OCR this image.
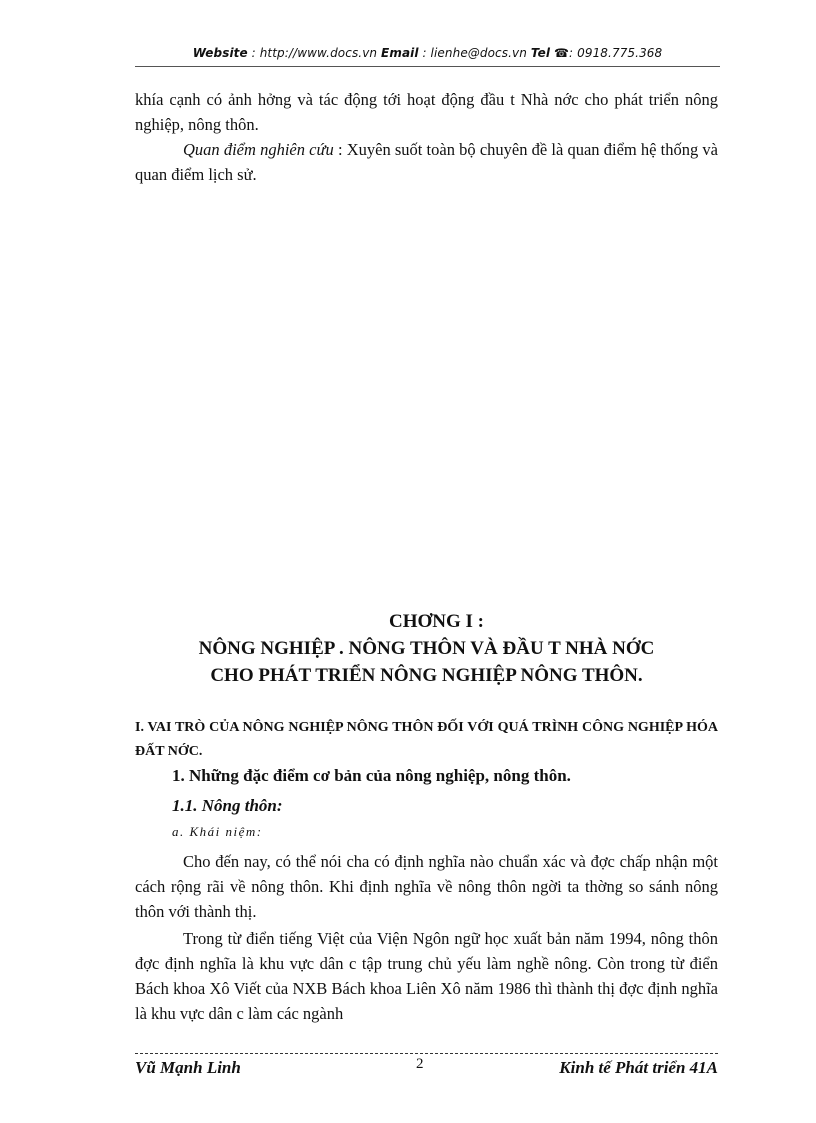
Website : http://www.docs.vn Email : lienhe@docs.vn Tel ☎: 0918.775.368
khía cạnh có ảnh hởng và tác động tới hoạt động đầu t Nhà nớc cho phát triển nông nghiệp, nông thôn.
Quan điểm nghiên cứu : Xuyên suốt toàn bộ chuyên đề là quan điểm hệ thống và quan điểm lịch sử.
CHƠNG I :
NÔNG NGHIỆP . NÔNG THÔN VÀ ĐẦU T NHÀ NỚC
CHO PHÁT TRIỂN NÔNG NGHIỆP NÔNG THÔN.
I. VAI TRÒ CỦA NÔNG NGHIỆP NÔNG THÔN ĐỐI VỚI QUÁ TRÌNH CÔNG NGHIỆP HÓA ĐẤT NỚC.
1. Những đặc điểm cơ bản của nông nghiệp, nông thôn.
1.1. Nông thôn:
a. Khái niệm:
Cho đến nay, có thể nói cha có định nghĩa nào chuẩn xác và đợc chấp nhận một cách rộng rãi về nông thôn. Khi định nghĩa về nông thôn ngời ta thờng so sánh nông thôn với thành thị.
Trong từ điển tiếng Việt của Viện Ngôn ngữ học xuất bản năm 1994, nông thôn đợc định nghĩa là khu vực dân c tập trung chủ yếu làm nghề nông. Còn trong từ điển Bách khoa Xô Viết của NXB Bách khoa Liên Xô năm 1986 thì thành thị đợc định nghĩa là khu vực dân c làm các ngành
Vũ Mạnh Linh	2	Kinh tế Phát triển 41A
